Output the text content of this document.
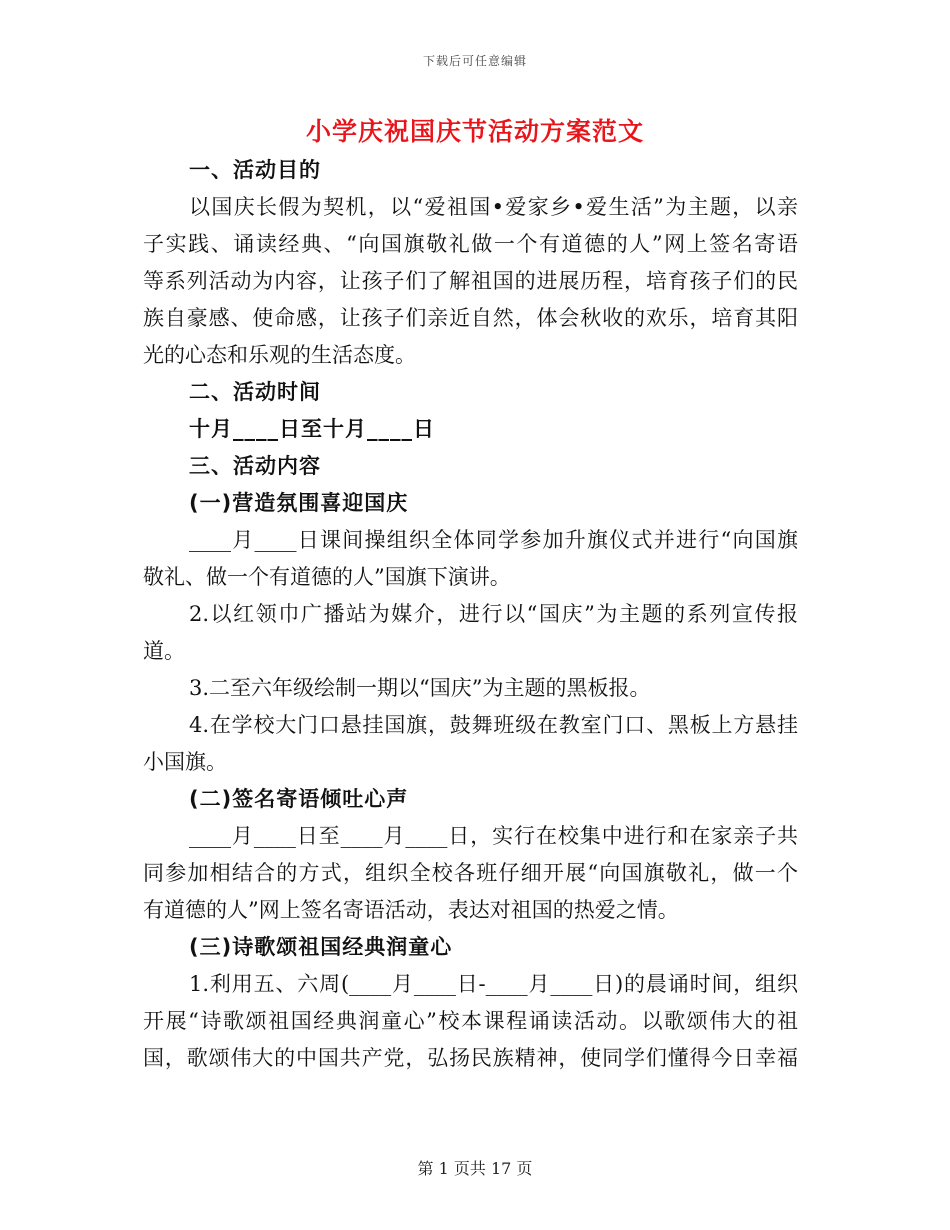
下载后可任意编辑
小学庆祝国庆节活动方案范文
一、活动目的
以国庆长假为契机，以“爱祖国•爱家乡•爱生活”为主题，以亲
子实践、诵读经典、“向国旗敬礼做一个有道德的人”网上签名寄语
等系列活动为内容，让孩子们了解祖国的进展历程，培育孩子们的民
族自豪感、使命感，让孩子们亲近自然，体会秋收的欢乐，培育其阳
光的心态和乐观的生活态度。
二、活动时间
十月____日至十月____日
三、活动内容
(一)营造氛围喜迎国庆
____月____日课间操组织全体同学参加升旗仪式并进行“向国旗
敬礼、做一个有道德的人”国旗下演讲。
2.以红领巾广播站为媒介，进行以“国庆”为主题的系列宣传报
道。
3.二至六年级绘制一期以“国庆”为主题的黑板报。
4.在学校大门口悬挂国旗，鼓舞班级在教室门口、黑板上方悬挂
小国旗。
(二)签名寄语倾吐心声
____月____日至____月____日，实行在校集中进行和在家亲子共
同参加相结合的方式，组织全校各班仔细开展“向国旗敬礼，做一个
有道德的人”网上签名寄语活动，表达对祖国的热爱之情。
(三)诗歌颂祖国经典润童心
1.利用五、六周(____月____日-____月____日)的晨诵时间，组织
开展“诗歌颂祖国经典润童心”校本课程诵读活动。以歌颂伟大的祖
国，歌颂伟大的中国共产党，弘扬民族精神，使同学们懂得今日幸福
第 1 页共 17 页
